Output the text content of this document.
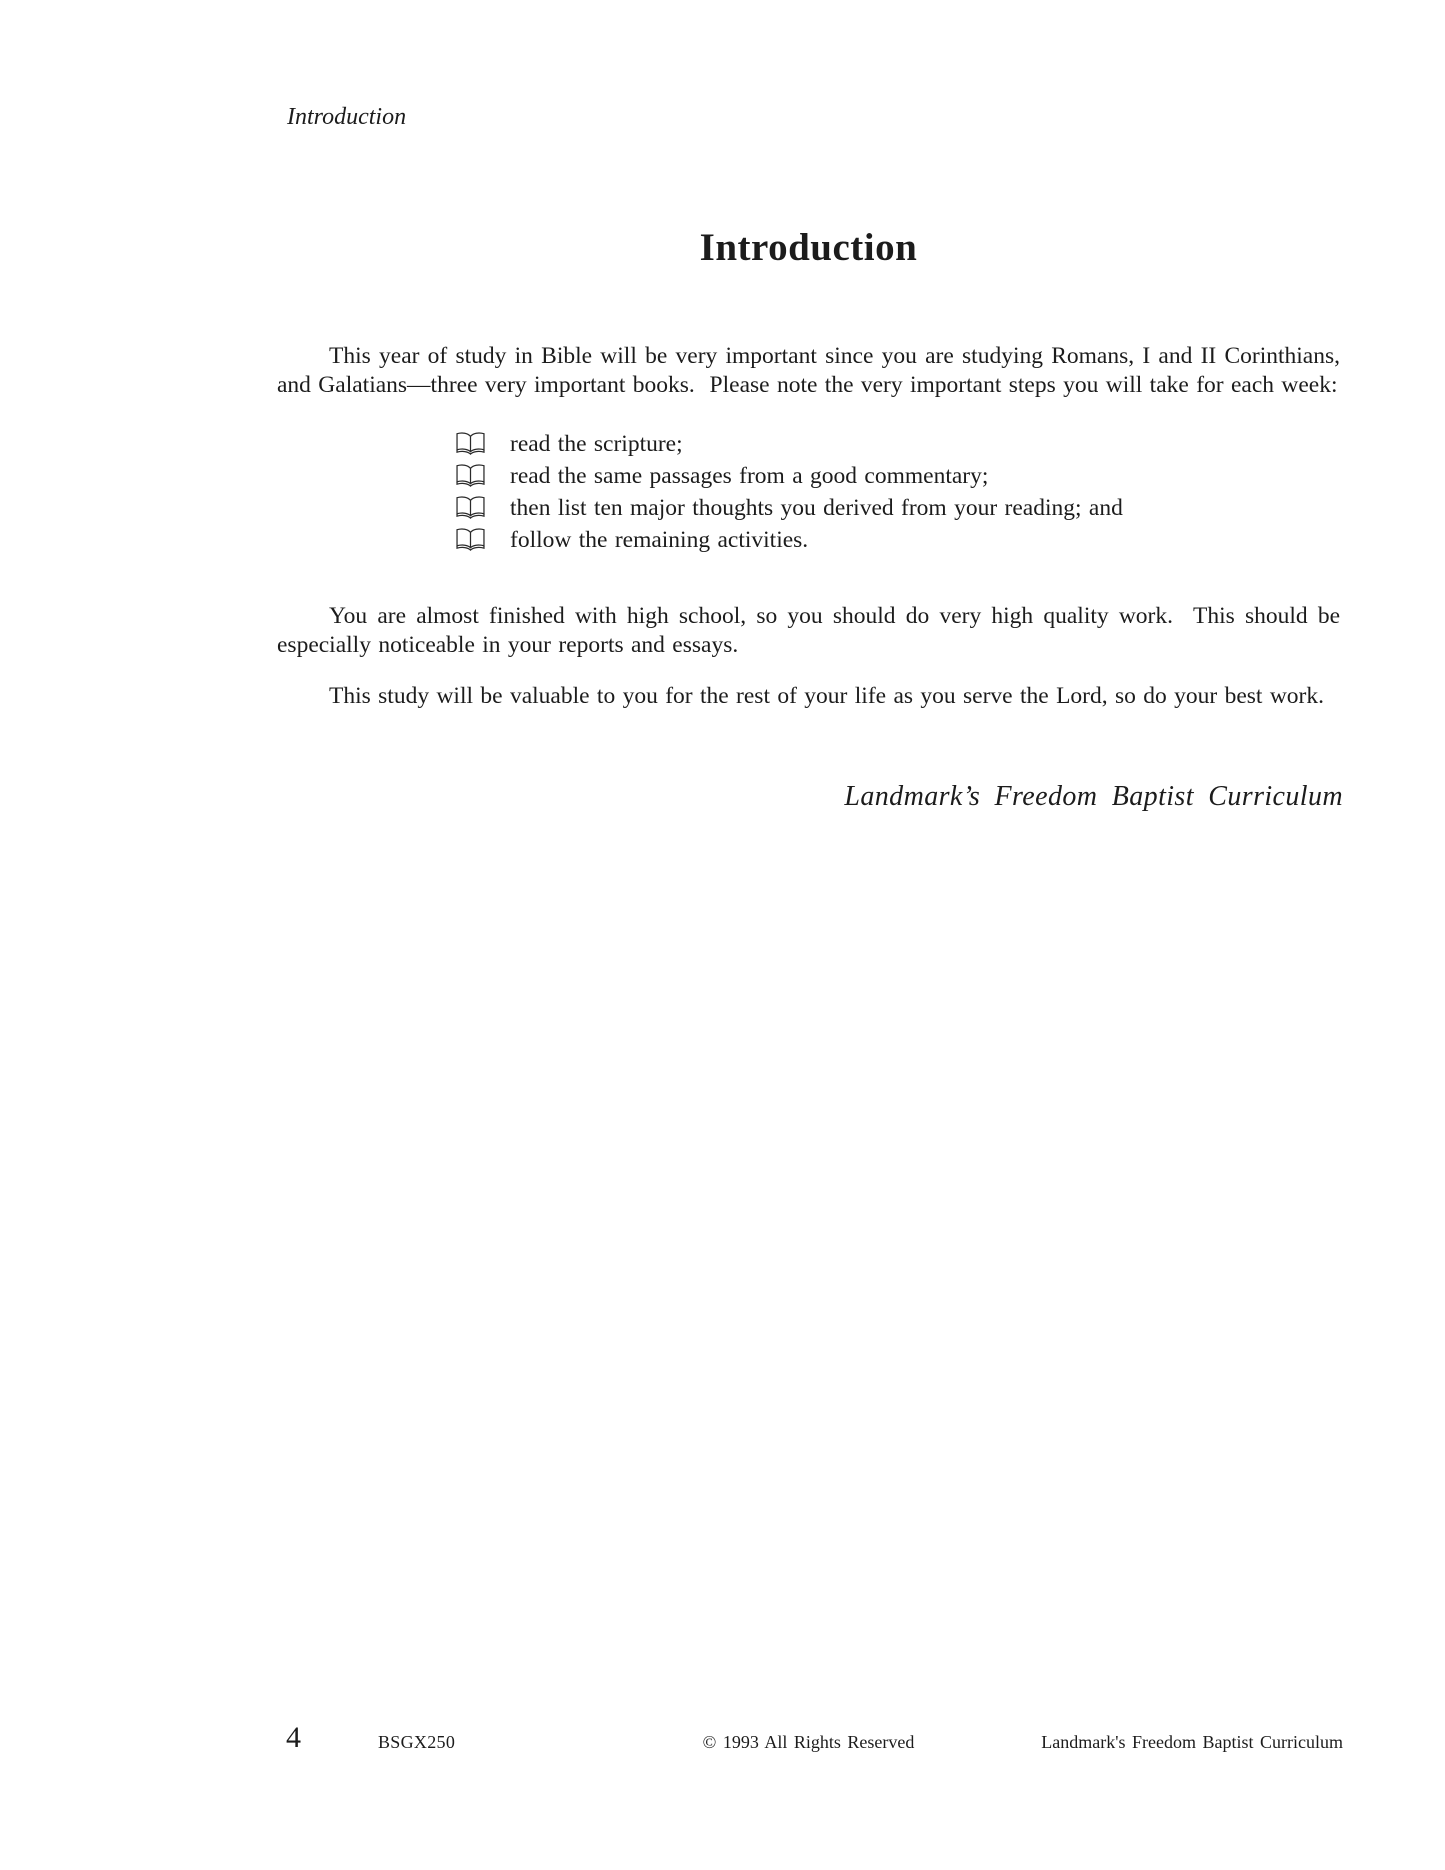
Introduction
Introduction

This year of study in Bible will be very important since you are studying Romans, I and II Corinthians, and Galatians—three very important books.  Please note the very important steps you will take for each week:

read the scripture;
read the same passages from a good commentary;
then list ten major thoughts you derived from your reading; and
follow the remaining activities.

You are almost finished with high school, so you should do very high quality work.  This should be especially noticeable in your reports and essays.

This study will be valuable to you for the rest of your life as you serve the Lord, so do your best work.

Landmark’s Freedom Baptist Curriculum
4	BSGX250	© 1993 All Rights Reserved	Landmark's Freedom Baptist Curriculum
